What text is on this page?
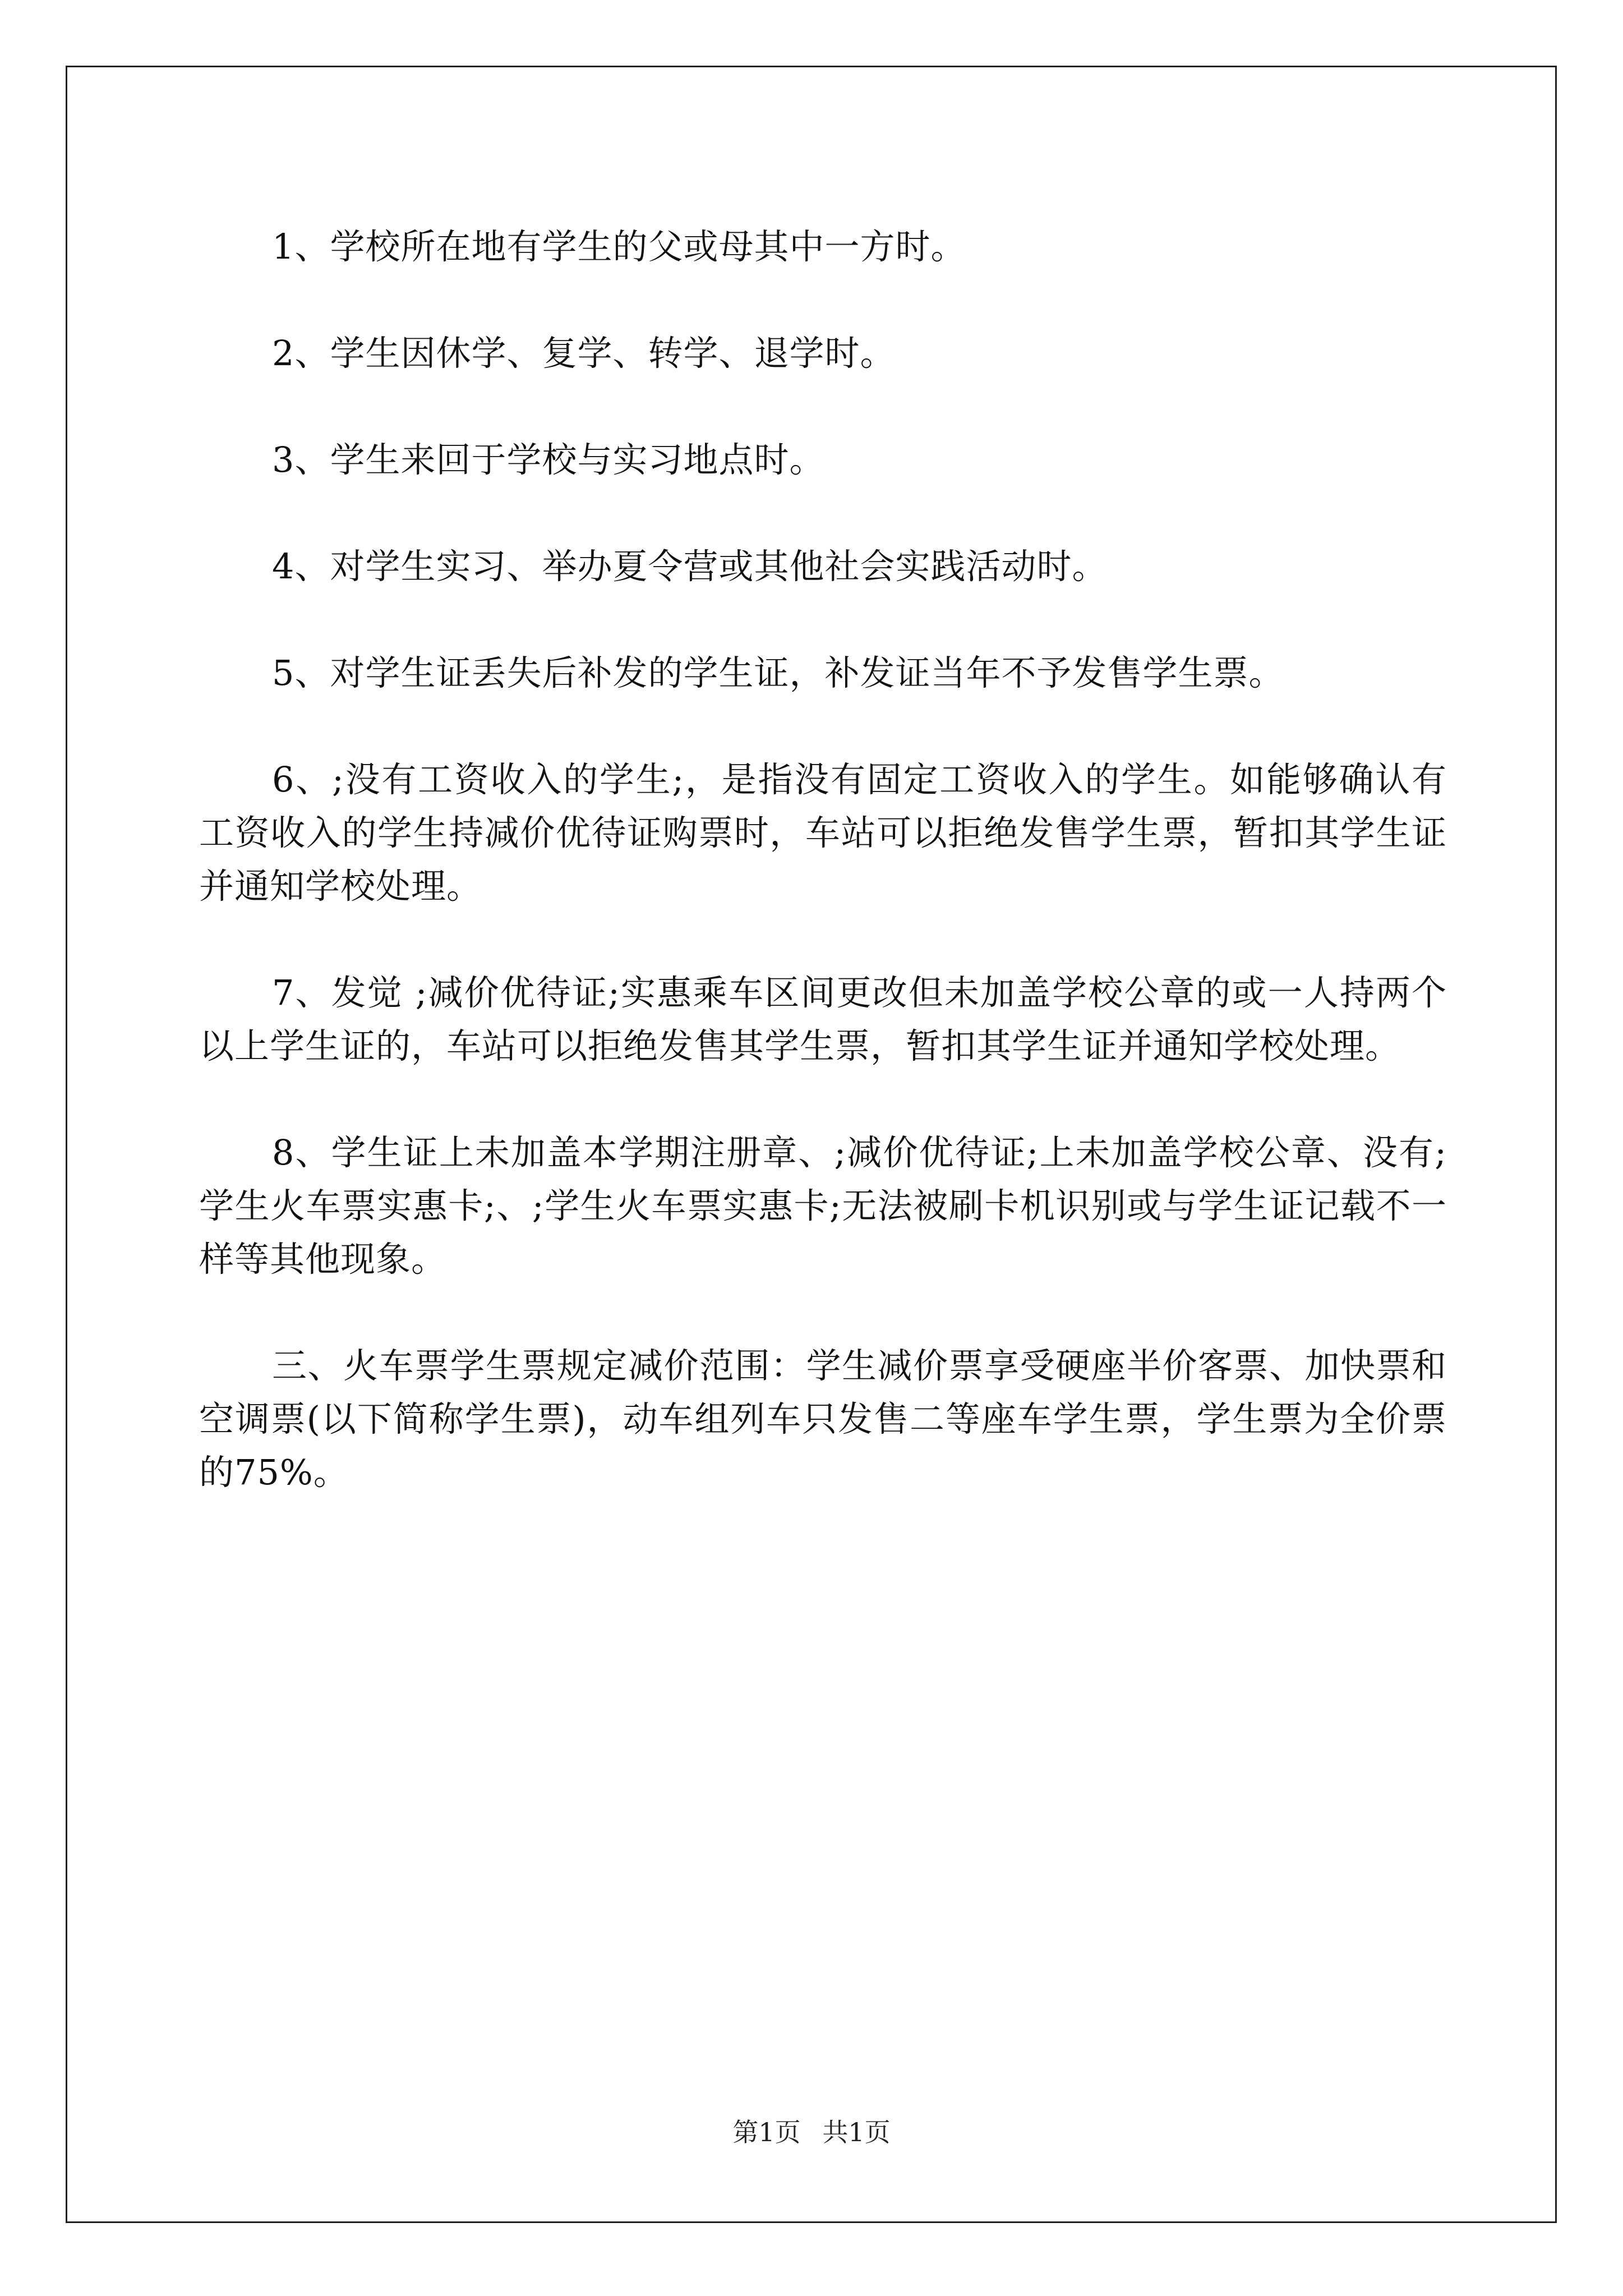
1、学校所在地有学生的父或母其中一方时。

2、学生因休学、复学、转学、退学时。

3、学生来回于学校与实习地点时。

4、对学生实习、举办夏令营或其他社会实践活动时。

5、对学生证丢失后补发的学生证，补发证当年不予发售学生票。

6、;没有工资收入的学生;，是指没有固定工资收入的学生。如能够确认有工资收入的学生持减价优待证购票时，车站可以拒绝发售学生票，暂扣其学生证并通知学校处理。

7、发觉 ;减价优待证;实惠乘车区间更改但未加盖学校公章的或一人持两个以上学生证的，车站可以拒绝发售其学生票，暂扣其学生证并通知学校处理。

8、学生证上未加盖本学期注册章、;减价优待证;上未加盖学校公章、没有;学生火车票实惠卡;、;学生火车票实惠卡;无法被刷卡机识别或与学生证记载不一样等其他现象。

三、火车票学生票规定减价范围：学生减价票享受硬座半价客票、加快票和空调票(以下简称学生票)，动车组列车只发售二等座车学生票，学生票为全价票的75%。

第1页 共1页
